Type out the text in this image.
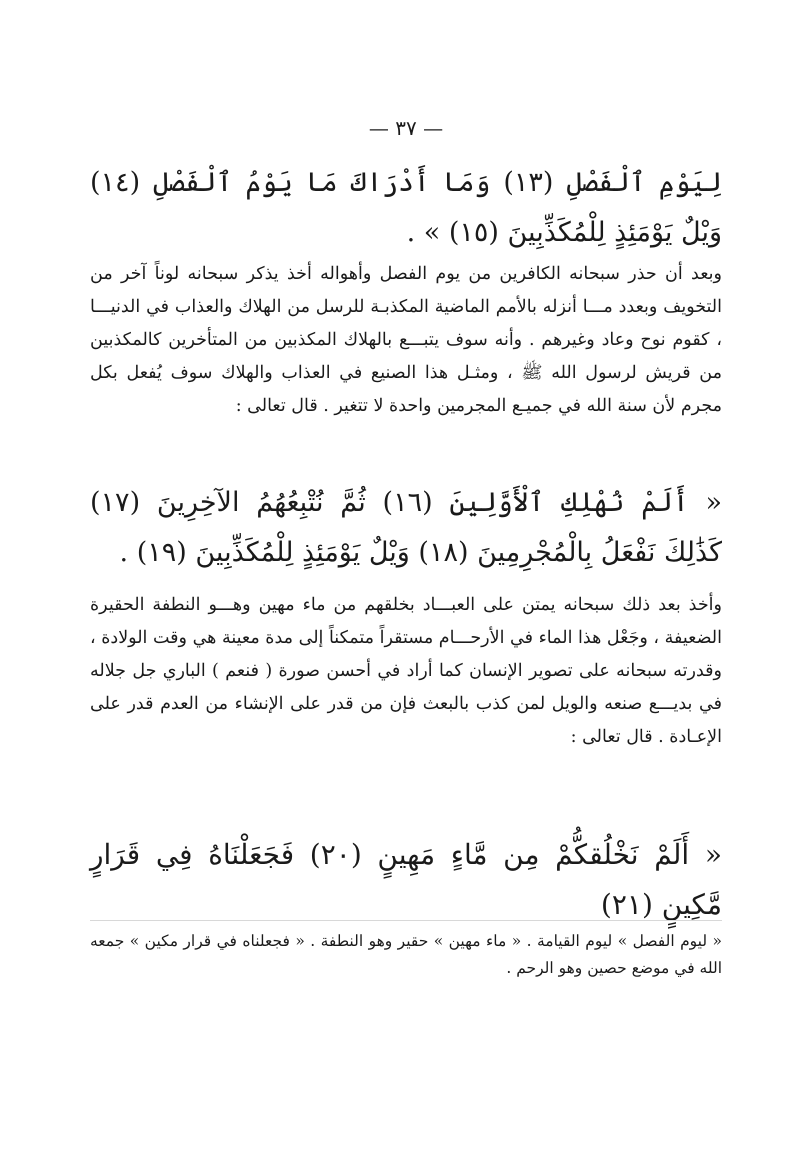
— ٣٧ —

لِيَوْمِ ٱلْفَصْلِ (١٣) وَمَا أَدْرَاكَ مَا يَوْمُ ٱلْفَصْلِ (١٤) وَيْلٌ يَوْمَئِذٍ لِلْمُكَذِّبِينَ (١٥) » .

وبعد أن حذر سبحانه الكافرين من يوم الفصل وأهواله أخذ يذكر سبحانه لوناً آخر من التخويف وبعدد مـــا أنزله بالأمم الماضية المكذبـة للرسل من الهلاك والعذاب في الدنيـــا ، كقوم نوح وعاد وغيرهم . وأنه سوف يتبـــع بالهلاك المكذبين من المتأخرين كالمكذبين من قريش لرسول الله ﷺ ، ومثـل هذا الصنيع في العذاب والهلاك سوف يُفعل بكل مجرم لأن سنة الله في جميـع المجرمين واحدة لا تتغير . قال تعالى :

« أَلَمْ نُهْلِكِ ٱلْأَوَّلِينَ (١٦) ثُمَّ نُتْبِعُهُمُ الآخِرِينَ (١٧) كَذَٰلِكَ نَفْعَلُ بِالْمُجْرِمِينَ (١٨) وَيْلٌ يَوْمَئِذٍ لِلْمُكَذِّبِينَ (١٩) .

وأخذ بعد ذلك سبحانه يمتن على العبـــاد بخلقهم من ماء مهين وهـــو النطفة الحقيرة الضعيفة ، وجَعْل هذا الماء في الأرحـــام مستقراً متمكناً إلى مدة معينة هي وقت الولادة ، وقدرته سبحانه على تصوير الإنسان كما أراد في أحسن صورة ( فنعم ) الباري جل جلاله في بديـــع صنعه والويل لمن كذب بالبعث فإن من قدر على الإنشاء من العدم قدر على الإعـادة . قال تعالى :

« أَلَمْ نَخْلُقكُّمْ مِن مَّاءٍ مَهِينٍ (٢٠) فَجَعَلْنَاهُ فِي قَرَارٍ مَّكِينٍ (٢١)

« ليوم الفصل » ليوم القيامة . « ماء مهين » حقير وهو النطفة . « فجعلناه في قرار مكين » جمعه الله في موضع حصين وهو الرحم .
